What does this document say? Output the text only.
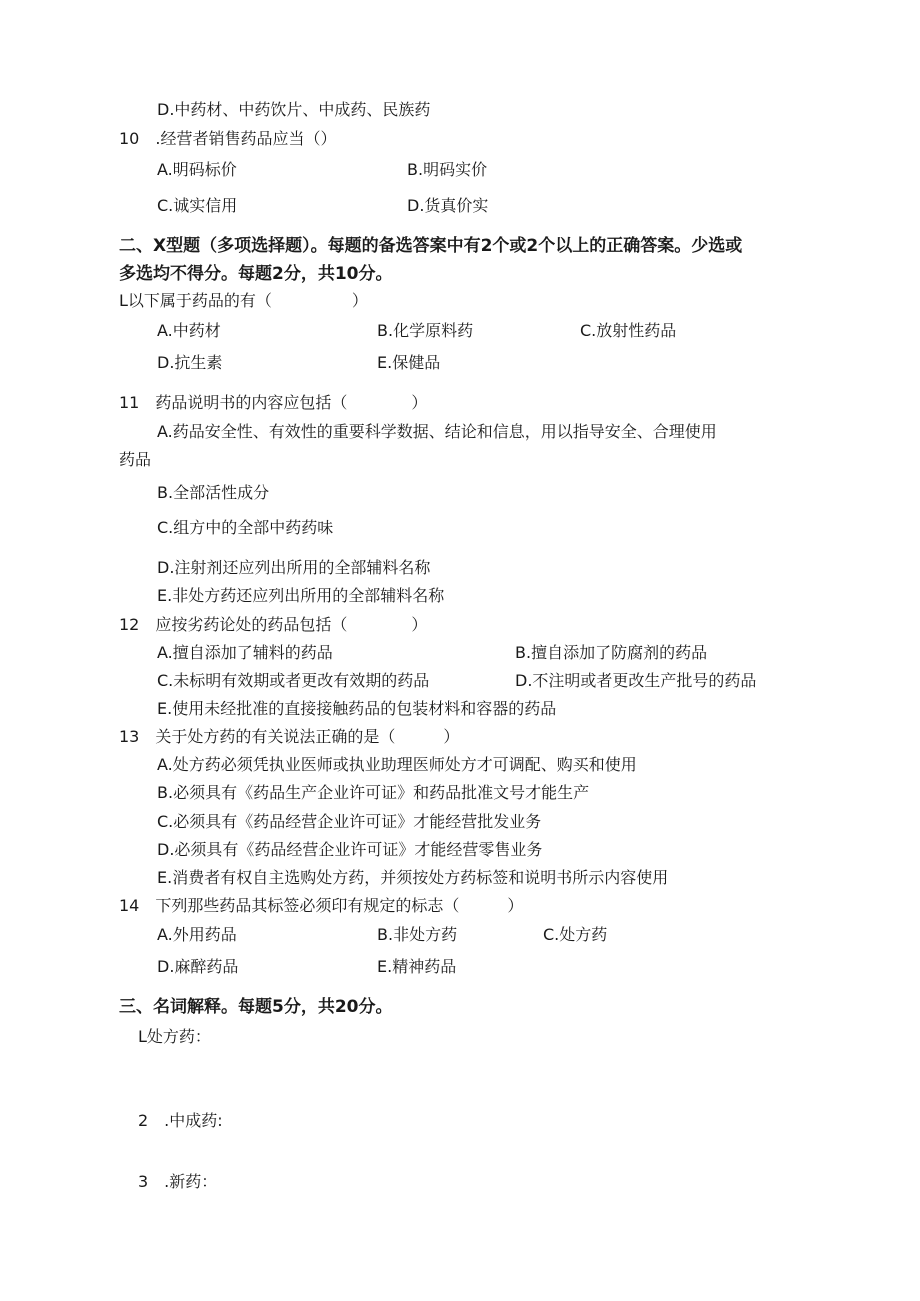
D.中药材、中药饮片、中成药、民族药
10　.经营者销售药品应当（）
A.明码标价	B.明码实价
C.诚实信用	D.货真价实
二、X型题（多项选择题）。每题的备选答案中有2个或2个以上的正确答案。少选或
多选均不得分。每题2分，共10分。
L以下属于药品的有（　　　　　）
A.中药材	B.化学原料药	C.放射性药品
D.抗生素	E.保健品
11　药品说明书的内容应包括（　　　　）
A.药品安全性、有效性的重要科学数据、结论和信息，用以指导安全、合理使用
药品
B.全部活性成分
C.组方中的全部中药药味
D.注射剂还应列出所用的全部辅料名称
E.非处方药还应列出所用的全部辅料名称
12　应按劣药论处的药品包括（　　　　）
A.擅自添加了辅料的药品	B.擅自添加了防腐剂的药品
C.未标明有效期或者更改有效期的药品	D.不注明或者更改生产批号的药品
E.使用未经批准的直接接触药品的包装材料和容器的药品
13　关于处方药的有关说法正确的是（　　　）
A.处方药必须凭执业医师或执业助理医师处方才可调配、购买和使用
B.必须具有《药品生产企业许可证》和药品批准文号才能生产
C.必须具有《药品经营企业许可证》才能经营批发业务
D.必须具有《药品经营企业许可证》才能经营零售业务
E.消费者有权自主选购处方药，并须按处方药标签和说明书所示内容使用
14　下列那些药品其标签必须印有规定的标志（　　　）
A.外用药品	B.非处方药	C.处方药
D.麻醉药品	E.精神药品
三、名词解释。每题5分，共20分。
L处方药：
2　.中成药:
3　.新药：
